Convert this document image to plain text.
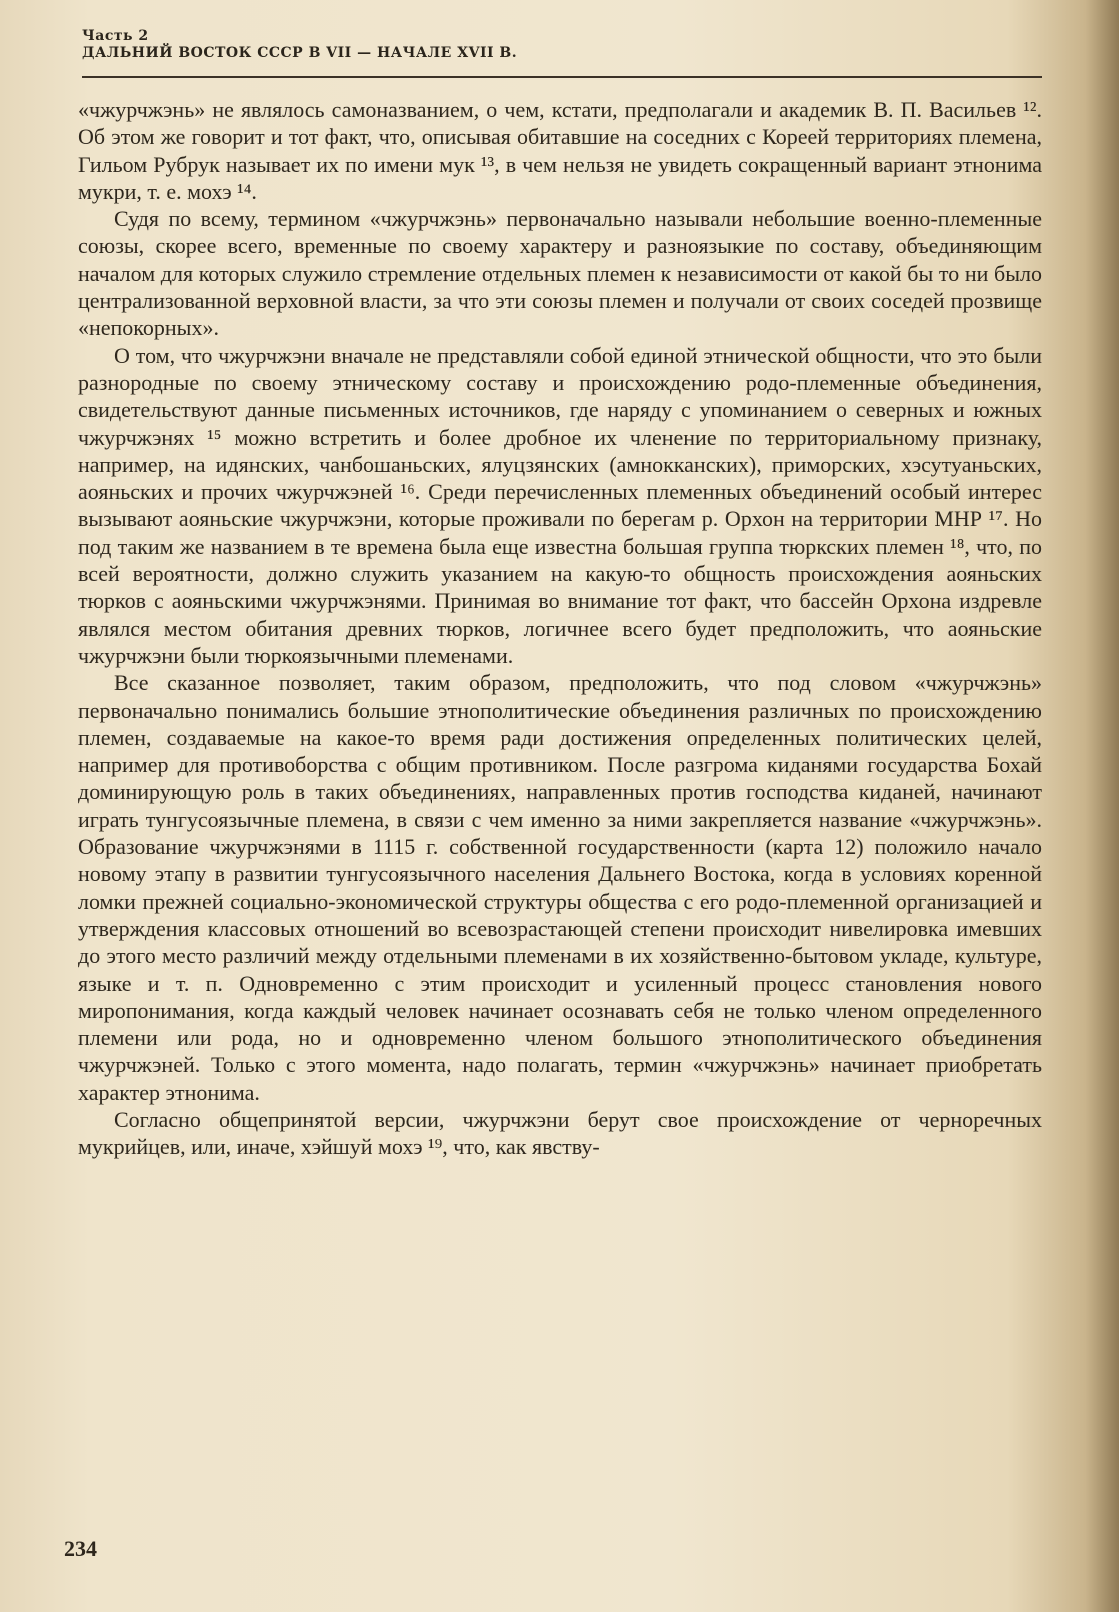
Часть 2
ДАЛЬНИЙ ВОСТОК СССР В VII — НАЧАЛЕ XVII В.

«чжурчжэнь» не являлось самоназванием, о чем, кстати, предполагали и академик В. П. Васильев ¹². Об этом же говорит и тот факт, что, описывая обитавшие на соседних с Кореей территориях племена, Гильом Рубрук называет их по имени мук ¹³, в чем нельзя не увидеть сокращенный вариант этнонима мукри, т. е. мохэ ¹⁴.

Судя по всему, термином «чжурчжэнь» первоначально называли небольшие военно-племенные союзы, скорее всего, временные по своему характеру и разноязыкие по составу, объединяющим началом для которых служило стремление отдельных племен к независимости от какой бы то ни было централизованной верховной власти, за что эти союзы племен и получали от своих соседей прозвище «непокорных».

О том, что чжурчжэни вначале не представляли собой единой этнической общности, что это были разнородные по своему этническому составу и происхождению родо-племенные объединения, свидетельствуют данные письменных источников, где наряду с упоминанием о северных и южных чжурчжэнях ¹⁵ можно встретить и более дробное их членение по территориальному признаку, например, на идянских, чанбошаньских, ялуцзянских (амнокканских), приморских, хэсутуаньских, аояньских и прочих чжурчжэней ¹⁶. Среди перечисленных племенных объединений особый интерес вызывают аояньские чжурчжэни, которые проживали по берегам р. Орхон на территории МНР ¹⁷. Но под таким же названием в те времена была еще известна большая группа тюркских племен ¹⁸, что, по всей вероятности, должно служить указанием на какую-то общность происхождения аояньских тюрков с аояньскими чжурчжэнями. Принимая во внимание тот факт, что бассейн Орхона издревле являлся местом обитания древних тюрков, логичнее всего будет предположить, что аояньские чжурчжэни были тюркоязычными племенами.

Все сказанное позволяет, таким образом, предположить, что под словом «чжурчжэнь» первоначально понимались большие этнополитические объединения различных по происхождению племен, создаваемые на какое-то время ради достижения определенных политических целей, например для противоборства с общим противником. После разгрома киданями государства Бохай доминирующую роль в таких объединениях, направленных против господства киданей, начинают играть тунгусоязычные племена, в связи с чем именно за ними закрепляется название «чжурчжэнь». Образование чжурчжэнями в 1115 г. собственной государственности (карта 12) положило начало новому этапу в развитии тунгусоязычного населения Дальнего Востока, когда в условиях коренной ломки прежней социально-экономической структуры общества с его родо-племенной организацией и утверждения классовых отношений во всевозрастающей степени происходит нивелировка имевших до этого место различий между отдельными племенами в их хозяйственно-бытовом укладе, культуре, языке и т. п. Одновременно с этим происходит и усиленный процесс становления нового миропонимания, когда каждый человек начинает осознавать себя не только членом определенного племени или рода, но и одновременно членом большого этнополитического объединения чжурчжэней. Только с этого момента, надо полагать, термин «чжурчжэнь» начинает приобретать характер этнонима.

Согласно общепринятой версии, чжурчжэни берут свое происхождение от черноречных мукрийцев, или, иначе, хэйшуй мохэ ¹⁹, что, как явству-

234
